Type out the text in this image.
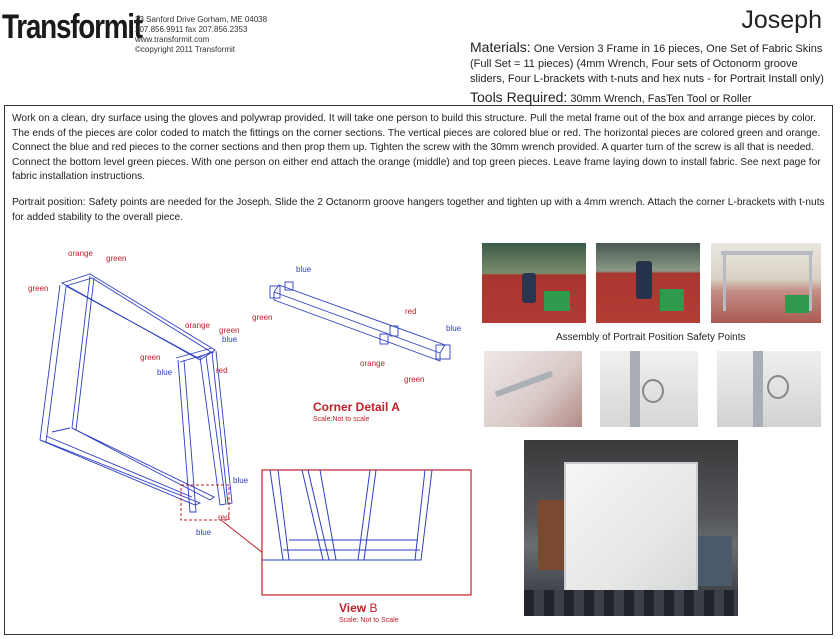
Transformit
33 Sanford Drive Gorham, ME 04038
207.856.9911 fax 207.856.2353
www.transformit.com
©copyright 2011 Transformit
Joseph
Materials: One Version 3 Frame in 16 pieces, One Set of Fabric Skins (Full Set = 11 pieces) (4mm Wrench, Four sets of Octonorm groove sliders, Four L-brackets with t-nuts and hex nuts - for Portrait Install only)
Tools Required: 30mm Wrench, FasTen Tool or Roller
Work on a clean, dry surface using the gloves and polywrap provided. It will take one person to build this structure. Pull the metal frame out of the box and arrange pieces by color. The ends of the pieces are color coded to match the fittings on the corner sections. The vertical pieces are colored blue or red. The horizontal pieces are colored green and orange. Connect the blue and red pieces to the corner sections and then prop them up. Tighten the screw with the 30mm wrench provided. A quarter turn of the screw is all that is needed. Connect the bottom level green pieces. With one person on either end attach the orange (middle) and top green pieces. Leave frame laying down to install fabric. See next page for fabric installation instructions.
Portrait position: Safety points are needed for the Joseph. Slide the 2 Octanorm groove hangers together and tighten up with a 4mm wrench. Attach the corner L-brackets with t-nuts for added stability to the overall piece.
orange
green
green
orange
green
blue
green
blue	red
blue
red
blue
blue
green
red
blue
orange
green
Corner Detail A
Scale:Not to scale
View B
Scale: Not to Scale
Assembly of Portrait Position Safety Points
